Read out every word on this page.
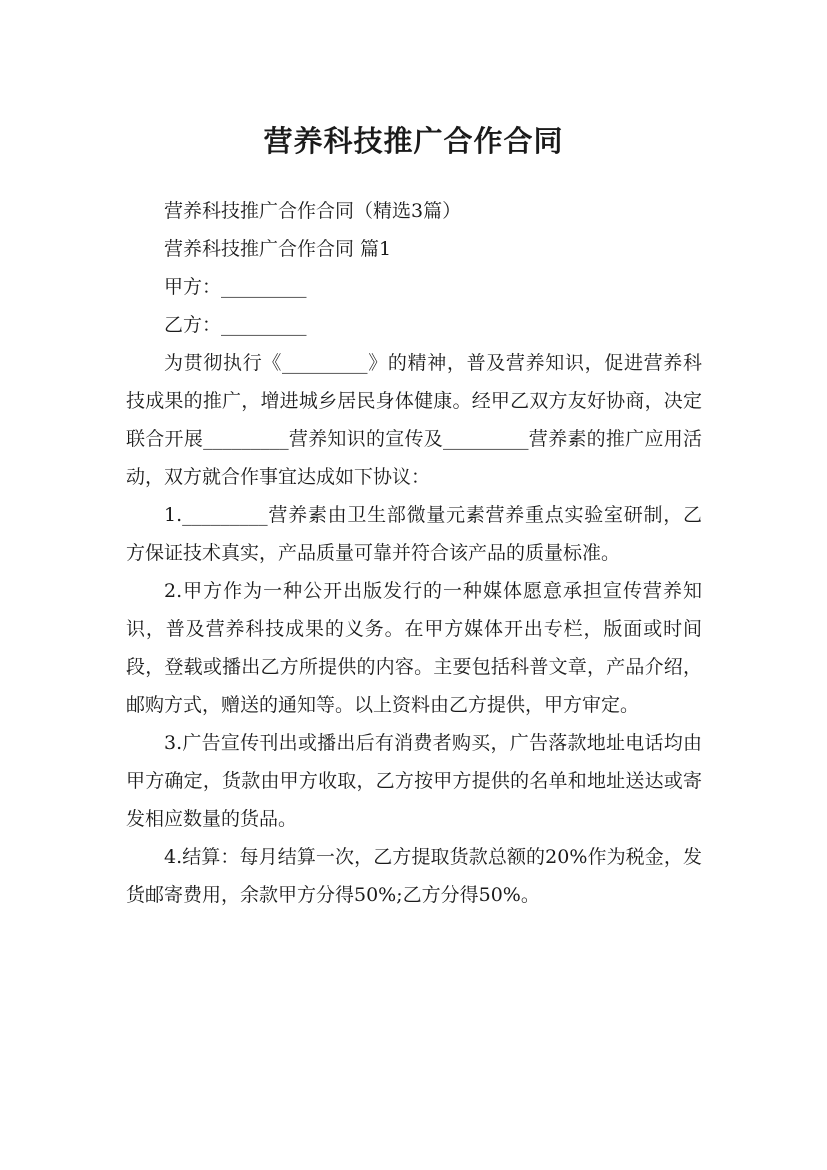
营养科技推广合作合同

营养科技推广合作合同（精选3篇）

营养科技推广合作合同 篇1

甲方：_________

乙方：_________

为贯彻执行《_________》的精神，普及营养知识，促进营养科技成果的推广，增进城乡居民身体健康。经甲乙双方友好协商，决定联合开展_________营养知识的宣传及_________营养素的推广应用活动，双方就合作事宜达成如下协议：

1._________营养素由卫生部微量元素营养重点实验室研制，乙方保证技术真实，产品质量可靠并符合该产品的质量标准。

2.甲方作为一种公开出版发行的一种媒体愿意承担宣传营养知识，普及营养科技成果的义务。在甲方媒体开出专栏，版面或时间段，登载或播出乙方所提供的内容。主要包括科普文章，产品介绍，邮购方式，赠送的通知等。以上资料由乙方提供，甲方审定。

3.广告宣传刊出或播出后有消费者购买，广告落款地址电话均由甲方确定，货款由甲方收取，乙方按甲方提供的名单和地址送达或寄发相应数量的货品。

4.结算：每月结算一次，乙方提取货款总额的20%作为税金，发货邮寄费用，余款甲方分得50%;乙方分得50%。
